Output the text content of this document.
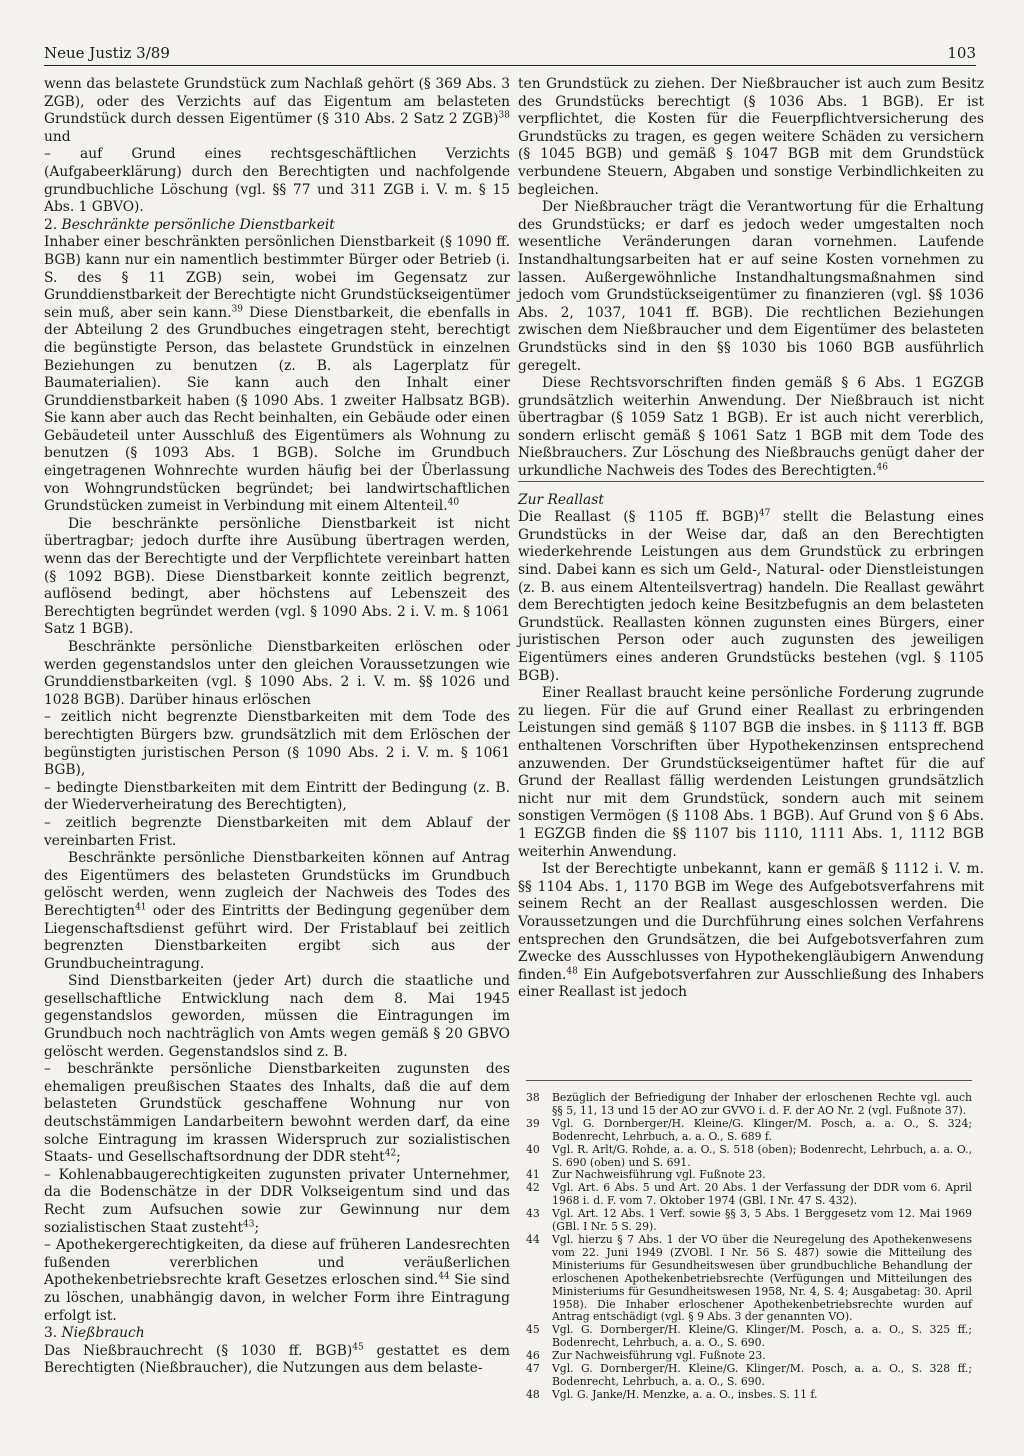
Neue Justiz 3/89	103

wenn das belastete Grundstück zum Nachlaß gehört (§ 369 Abs. 3 ZGB), oder des Verzichts auf das Eigentum am belasteten Grundstück durch dessen Eigentümer (§ 310 Abs. 2 Satz 2 ZGB)$^{38}$ und

– auf Grund eines rechtsgeschäftlichen Verzichts (Aufgabeerklärung) durch den Berechtigten und nachfolgende grundbuchliche Löschung (vgl. §§ 77 und 311 ZGB i. V. m. § 15 Abs. 1 GBVO).

2. Beschränkte persönliche Dienstbarkeit

Inhaber einer beschränkten persönlichen Dienstbarkeit (§ 1090 ff. BGB) kann nur ein namentlich bestimmter Bürger oder Betrieb (i. S. des § 11 ZGB) sein, wobei im Gegensatz zur Grunddienstbarkeit der Berechtigte nicht Grundstückseigentümer sein muß, aber sein kann.$^{39}$ Diese Dienstbarkeit, die ebenfalls in der Abteilung 2 des Grundbuches eingetragen steht, berechtigt die begünstigte Person, das belastete Grundstück in einzelnen Beziehungen zu benutzen (z. B. als Lagerplatz für Baumaterialien). Sie kann auch den Inhalt einer Grunddienstbarkeit haben (§ 1090 Abs. 1 zweiter Halbsatz BGB). Sie kann aber auch das Recht beinhalten, ein Gebäude oder einen Gebäudeteil unter Ausschluß des Eigentümers als Wohnung zu benutzen (§ 1093 Abs. 1 BGB). Solche im Grundbuch eingetragenen Wohnrechte wurden häufig bei der Überlassung von Wohngrundstücken begründet; bei landwirtschaftlichen Grundstücken zumeist in Verbindung mit einem Altenteil.$^{40}$

Die beschränkte persönliche Dienstbarkeit ist nicht übertragbar; jedoch durfte ihre Ausübung übertragen werden, wenn das der Berechtigte und der Verpflichtete vereinbart hatten (§ 1092 BGB). Diese Dienstbarkeit konnte zeitlich begrenzt, auflösend bedingt, aber höchstens auf Lebenszeit des Berechtigten begründet werden (vgl. § 1090 Abs. 2 i. V. m. § 1061 Satz 1 BGB).

Beschränkte persönliche Dienstbarkeiten erlöschen oder werden gegenstandslos unter den gleichen Voraussetzungen wie Grunddienstbarkeiten (vgl. § 1090 Abs. 2 i. V. m. §§ 1026 und 1028 BGB). Darüber hinaus erlöschen

– zeitlich nicht begrenzte Dienstbarkeiten mit dem Tode des berechtigten Bürgers bzw. grundsätzlich mit dem Erlöschen der begünstigten juristischen Person (§ 1090 Abs. 2 i. V. m. § 1061 BGB),

– bedingte Dienstbarkeiten mit dem Eintritt der Bedingung (z. B. der Wiederverheiratung des Berechtigten),

– zeitlich begrenzte Dienstbarkeiten mit dem Ablauf der vereinbarten Frist.

Beschränkte persönliche Dienstbarkeiten können auf Antrag des Eigentümers des belasteten Grundstücks im Grundbuch gelöscht werden, wenn zugleich der Nachweis des Todes des Berechtigten$^{41}$ oder des Eintritts der Bedingung gegenüber dem Liegenschaftsdienst geführt wird. Der Fristablauf bei zeitlich begrenzten Dienstbarkeiten ergibt sich aus der Grundbucheintragung.

Sind Dienstbarkeiten (jeder Art) durch die staatliche und gesellschaftliche Entwicklung nach dem 8. Mai 1945 gegenstandslos geworden, müssen die Eintragungen im Grundbuch noch nachträglich von Amts wegen gemäß § 20 GBVO gelöscht werden. Gegenstandslos sind z. B.

– beschränkte persönliche Dienstbarkeiten zugunsten des ehemaligen preußischen Staates des Inhalts, daß die auf dem belasteten Grundstück geschaffene Wohnung nur von deutschstämmigen Landarbeitern bewohnt werden darf, da eine solche Eintragung im krassen Widerspruch zur sozialistischen Staats- und Gesellschaftsordnung der DDR steht$^{42}$;

– Kohlenabbaugerechtigkeiten zugunsten privater Unternehmer, da die Bodenschätze in der DDR Volkseigentum sind und das Recht zum Aufsuchen sowie zur Gewinnung nur dem sozialistischen Staat zusteht$^{43}$;

– Apothekergerechtigkeiten, da diese auf früheren Landesrechten fußenden vererblichen und veräußerlichen Apothekenbetriebsrechte kraft Gesetzes erloschen sind.$^{44}$ Sie sind zu löschen, unabhängig davon, in welcher Form ihre Eintragung erfolgt ist.

3. Nießbrauch

Das Nießbrauchrecht (§ 1030 ff. BGB)$^{45}$ gestattet es dem Berechtigten (Nießbraucher), die Nutzungen aus dem belaste-

ten Grundstück zu ziehen. Der Nießbraucher ist auch zum Besitz des Grundstücks berechtigt (§ 1036 Abs. 1 BGB). Er ist verpflichtet, die Kosten für die Feuerpflichtversicherung des Grundstücks zu tragen, es gegen weitere Schäden zu versichern (§ 1045 BGB) und gemäß § 1047 BGB mit dem Grundstück verbundene Steuern, Abgaben und sonstige Verbindlichkeiten zu begleichen.

Der Nießbraucher trägt die Verantwortung für die Erhaltung des Grundstücks; er darf es jedoch weder umgestalten noch wesentliche Veränderungen daran vornehmen. Laufende Instandhaltungsarbeiten hat er auf seine Kosten vornehmen zu lassen. Außergewöhnliche Instandhaltungsmaßnahmen sind jedoch vom Grundstückseigentümer zu finanzieren (vgl. §§ 1036 Abs. 2, 1037, 1041 ff. BGB). Die rechtlichen Beziehungen zwischen dem Nießbraucher und dem Eigentümer des belasteten Grundstücks sind in den §§ 1030 bis 1060 BGB ausführlich geregelt.

Diese Rechtsvorschriften finden gemäß § 6 Abs. 1 EGZGB grundsätzlich weiterhin Anwendung. Der Nießbrauch ist nicht übertragbar (§ 1059 Satz 1 BGB). Er ist auch nicht vererblich, sondern erlischt gemäß § 1061 Satz 1 BGB mit dem Tode des Nießbrauchers. Zur Löschung des Nießbrauchs genügt daher der urkundliche Nachweis des Todes des Berechtigten.$^{46}$

Zur Reallast

Die Reallast (§ 1105 ff. BGB)$^{47}$ stellt die Belastung eines Grundstücks in der Weise dar, daß an den Berechtigten wiederkehrende Leistungen aus dem Grundstück zu erbringen sind. Dabei kann es sich um Geld-, Natural- oder Dienstleistungen (z. B. aus einem Altenteilsvertrag) handeln. Die Reallast gewährt dem Berechtigten jedoch keine Besitzbefugnis an dem belasteten Grundstück. Reallasten können zugunsten eines Bürgers, einer juristischen Person oder auch zugunsten des jeweiligen Eigentümers eines anderen Grundstücks bestehen (vgl. § 1105 BGB).

Einer Reallast braucht keine persönliche Forderung zugrunde zu liegen. Für die auf Grund einer Reallast zu erbringenden Leistungen sind gemäß § 1107 BGB die insbes. in § 1113 ff. BGB enthaltenen Vorschriften über Hypothekenzinsen entsprechend anzuwenden. Der Grundstückseigentümer haftet für die auf Grund der Reallast fällig werdenden Leistungen grundsätzlich nicht nur mit dem Grundstück, sondern auch mit seinem sonstigen Vermögen (§ 1108 Abs. 1 BGB). Auf Grund von § 6 Abs. 1 EGZGB finden die §§ 1107 bis 1110, 1111 Abs. 1, 1112 BGB weiterhin Anwendung.

Ist der Berechtigte unbekannt, kann er gemäß § 1112 i. V. m. §§ 1104 Abs. 1, 1170 BGB im Wege des Aufgebotsverfahrens mit seinem Recht an der Reallast ausgeschlossen werden. Die Voraussetzungen und die Durchführung eines solchen Verfahrens entsprechen den Grundsätzen, die bei Aufgebotsverfahren zum Zwecke des Ausschlusses von Hypothekengläubigern Anwendung finden.$^{48}$ Ein Aufgebotsverfahren zur Ausschließung des Inhabers einer Reallast ist jedoch

38	Bezüglich der Befriedigung der Inhaber der erloschenen Rechte vgl. auch §§ 5, 11, 13 und 15 der AO zur GVVO i. d. F. der AO Nr. 2 (vgl. Fußnote 37).
39	Vgl. G. Dornberger/H. Kleine/G. Klinger/M. Posch, a. a. O., S. 324; Bodenrecht, Lehrbuch, a. a. O., S. 689 f.
40	Vgl. R. Arlt/G. Rohde, a. a. O., S. 518 (oben); Bodenrecht, Lehrbuch, a. a. O., S. 690 (oben) und S. 691.
41	Zur Nachweisführung vgl. Fußnote 23.
42	Vgl. Art. 6 Abs. 5 und Art. 20 Abs. 1 der Verfassung der DDR vom 6. April 1968 i. d. F. vom 7. Oktober 1974 (GBl. I Nr. 47 S. 432).
43	Vgl. Art. 12 Abs. 1 Verf. sowie §§ 3, 5 Abs. 1 Berggesetz vom 12. Mai 1969 (GBl. I Nr. 5 S. 29).
44	Vgl. hierzu § 7 Abs. 1 der VO über die Neuregelung des Apothekenwesens vom 22. Juni 1949 (ZVOBl. I Nr. 56 S. 487) sowie die Mitteilung des Ministeriums für Gesundheitswesen über grundbuchliche Behandlung der erloschenen Apothekenbetriebsrechte (Verfügungen und Mitteilungen des Ministeriums für Gesundheitswesen 1958, Nr. 4, S. 4; Ausgabetag: 30. April 1958). Die Inhaber erloschener Apothekenbetriebsrechte wurden auf Antrag entschädigt (vgl. § 9 Abs. 3 der genannten VO).
45	Vgl. G. Dornberger/H. Kleine/G. Klinger/M. Posch, a. a. O., S. 325 ff.; Bodenrecht, Lehrbuch, a. a. O., S. 690.
46	Zur Nachweisführung vgl. Fußnote 23.
47	Vgl. G. Dornberger/H. Kleine/G. Klinger/M. Posch, a. a. O., S. 328 ff.; Bodenrecht, Lehrbuch, a. a. O., S. 690.
48	Vgl. G. Janke/H. Menzke, a. a. O., insbes. S. 11 f.
